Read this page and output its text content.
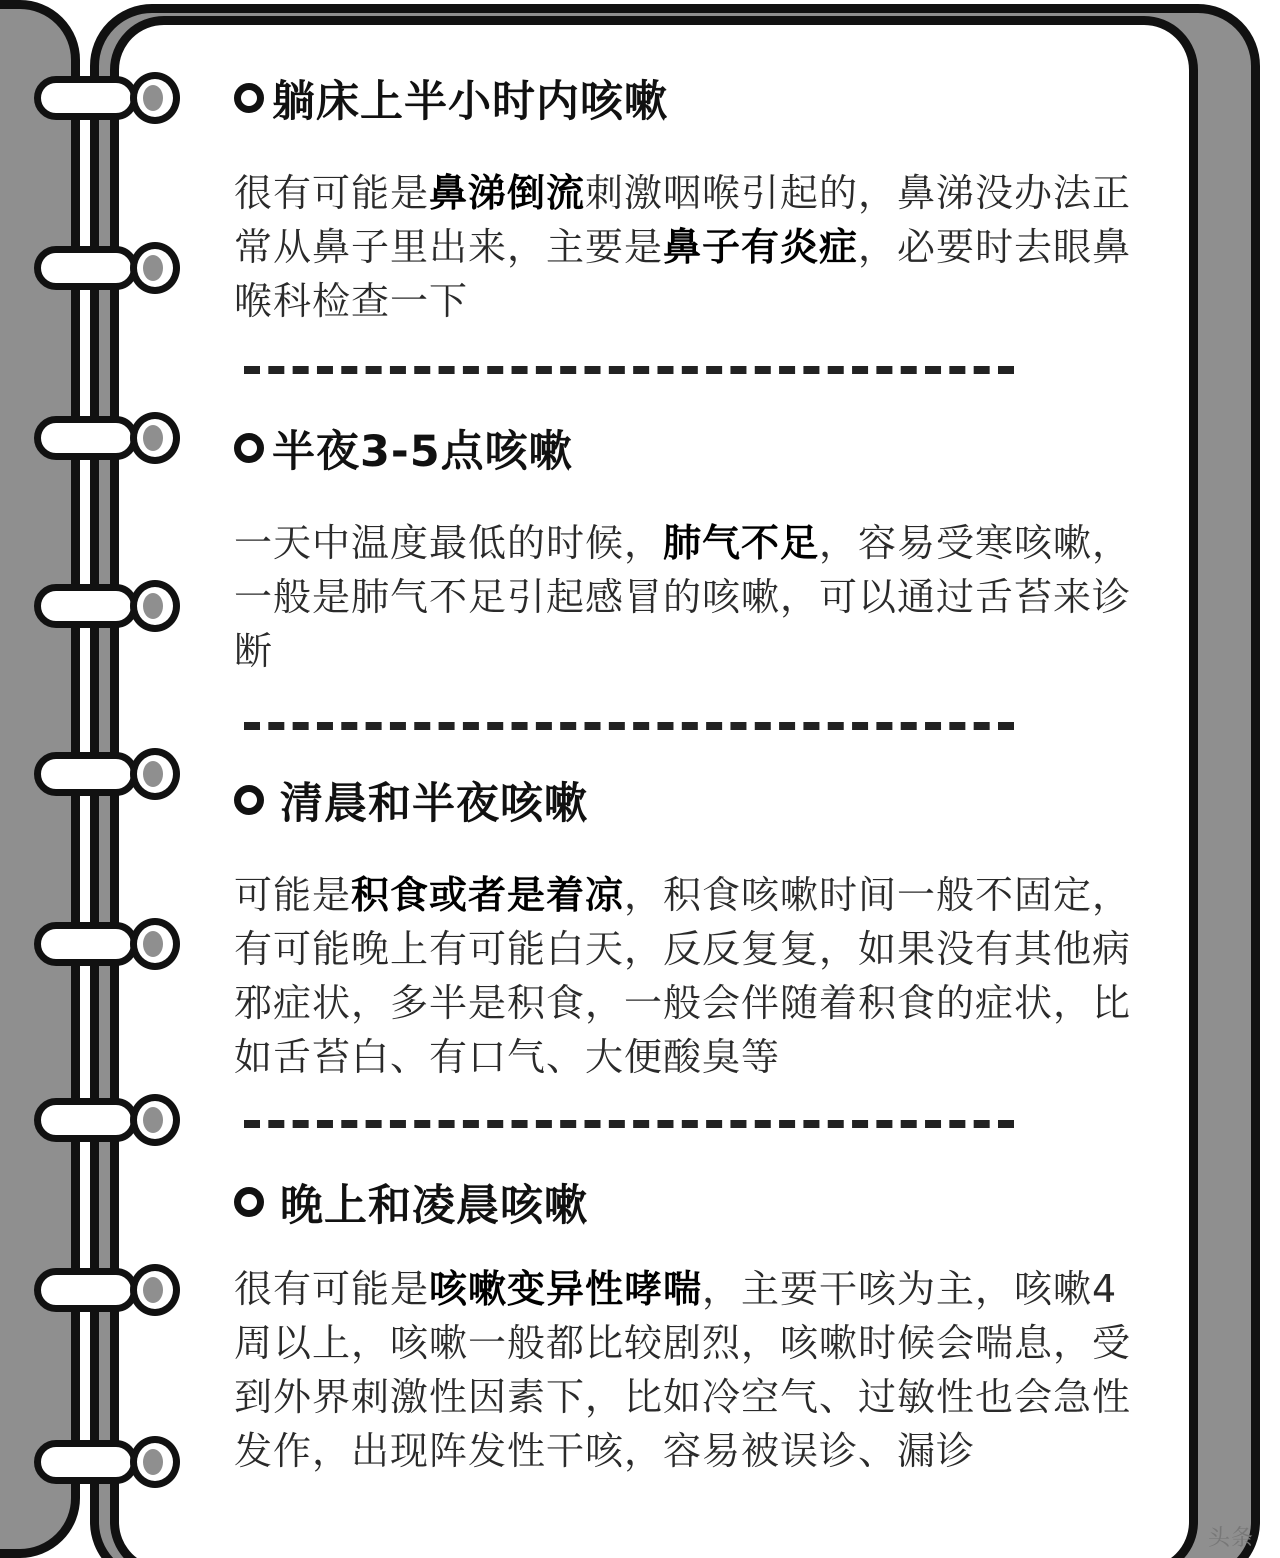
躺床上半小时内咳嗽
很有可能是鼻涕倒流刺激咽喉引起的，鼻涕没办法正常从鼻子里出来，主要是鼻子有炎症，必要时去眼鼻喉科检查一下
半夜3-5点咳嗽
一天中温度最低的时候，肺气不足，容易受寒咳嗽，一般是肺气不足引起感冒的咳嗽，可以通过舌苔来诊断
清晨和半夜咳嗽
可能是积食或者是着凉，积食咳嗽时间一般不固定，有可能晚上有可能白天，反反复复，如果没有其他病邪症状，多半是积食，一般会伴随着积食的症状，比如舌苔白、有口气、大便酸臭等
晚上和凌晨咳嗽
很有可能是咳嗽变异性哮喘，主要干咳为主，咳嗽4周以上，咳嗽一般都比较剧烈，咳嗽时候会喘息，受到外界刺激性因素下，比如冷空气、过敏性也会急性发作，出现阵发性干咳，容易被误诊、漏诊
头条
